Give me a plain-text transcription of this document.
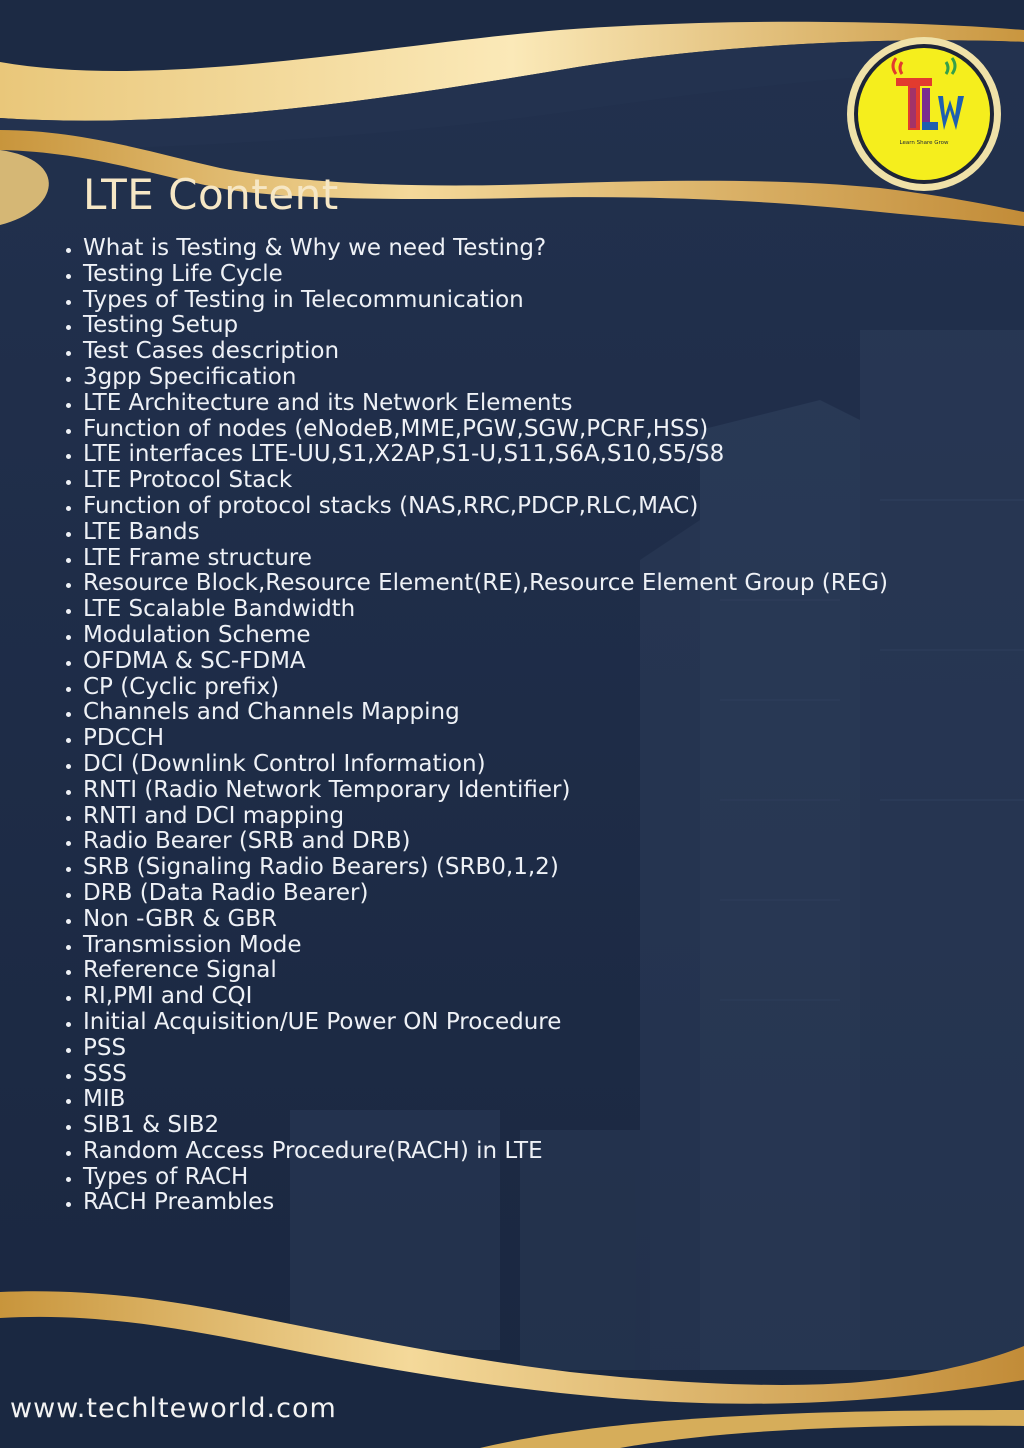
Learn Share Grow
LTE Content
• What is Testing & Why we need Testing?
• Testing Life Cycle
• Types of Testing in Telecommunication
• Testing Setup
• Test Cases description
• 3gpp Specification
• LTE Architecture and its Network Elements
• Function of nodes (eNodeB,MME,PGW,SGW,PCRF,HSS)
• LTE interfaces LTE-UU,S1,X2AP,S1-U,S11,S6A,S10,S5/S8
• LTE Protocol Stack
• Function of protocol stacks (NAS,RRC,PDCP,RLC,MAC)
• LTE Bands
• LTE Frame structure
• Resource Block,Resource Element(RE),Resource Element Group (REG)
• LTE Scalable Bandwidth
• Modulation Scheme
• OFDMA & SC-FDMA
• CP (Cyclic prefix)
• Channels and Channels Mapping
• PDCCH
• DCI (Downlink Control Information)
• RNTI (Radio Network Temporary Identifier)
• RNTI and DCI mapping
• Radio Bearer (SRB and DRB)
• SRB (Signaling Radio Bearers) (SRB0,1,2)
• DRB (Data Radio Bearer)
• Non -GBR & GBR
• Transmission Mode
• Reference Signal
• RI,PMI and CQI
• Initial Acquisition/UE Power ON Procedure
• PSS
• SSS
• MIB
• SIB1 & SIB2
• Random Access Procedure(RACH) in LTE
• Types of RACH
• RACH Preambles

www.techlteworld.com
